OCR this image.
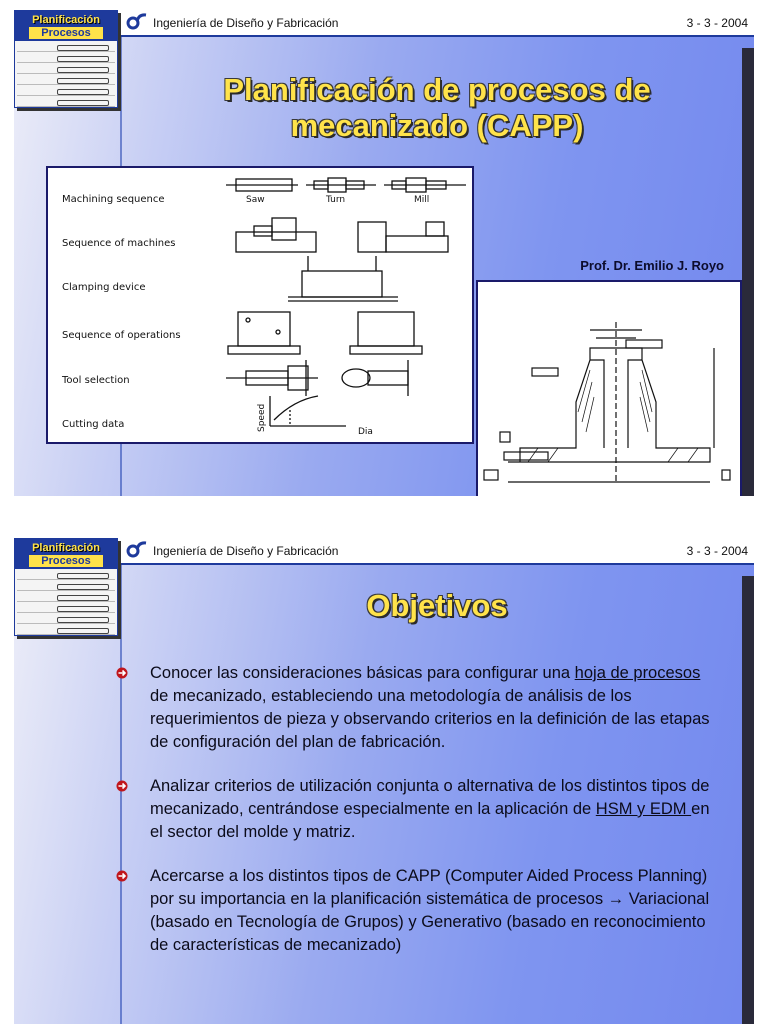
Ingeniería de Diseño y Fabricación	3 - 3 - 2004
Planificación
Procesos
Planificación de procesos de
mecanizado (CAPP)
Machining sequence
Sequence of machines
Clamping device
Sequence of operations
Tool selection
Cutting data
Saw	Turn	Mill
Dia
Speed
Prof. Dr. Emilio J. Royo
Ingeniería de Diseño y Fabricación	3 - 3 - 2004
Planificación
Procesos
Objetivos
Conocer las consideraciones básicas para configurar una hoja de procesos de mecanizado, estableciendo una metodología de análisis de los requerimientos de pieza y observando criterios en la definición de las etapas de configuración del plan de fabricación.
Analizar criterios de utilización conjunta o alternativa de los distintos tipos de mecanizado, centrándose especialmente en la aplicación de HSM y EDM en el sector del molde y matriz.
Acercarse a los distintos tipos de CAPP (Computer Aided Process Planning) por su importancia en la planificación sistemática de procesos → Variacional (basado en Tecnología de Grupos) y Generativo (basado en reconocimiento de características de mecanizado)
